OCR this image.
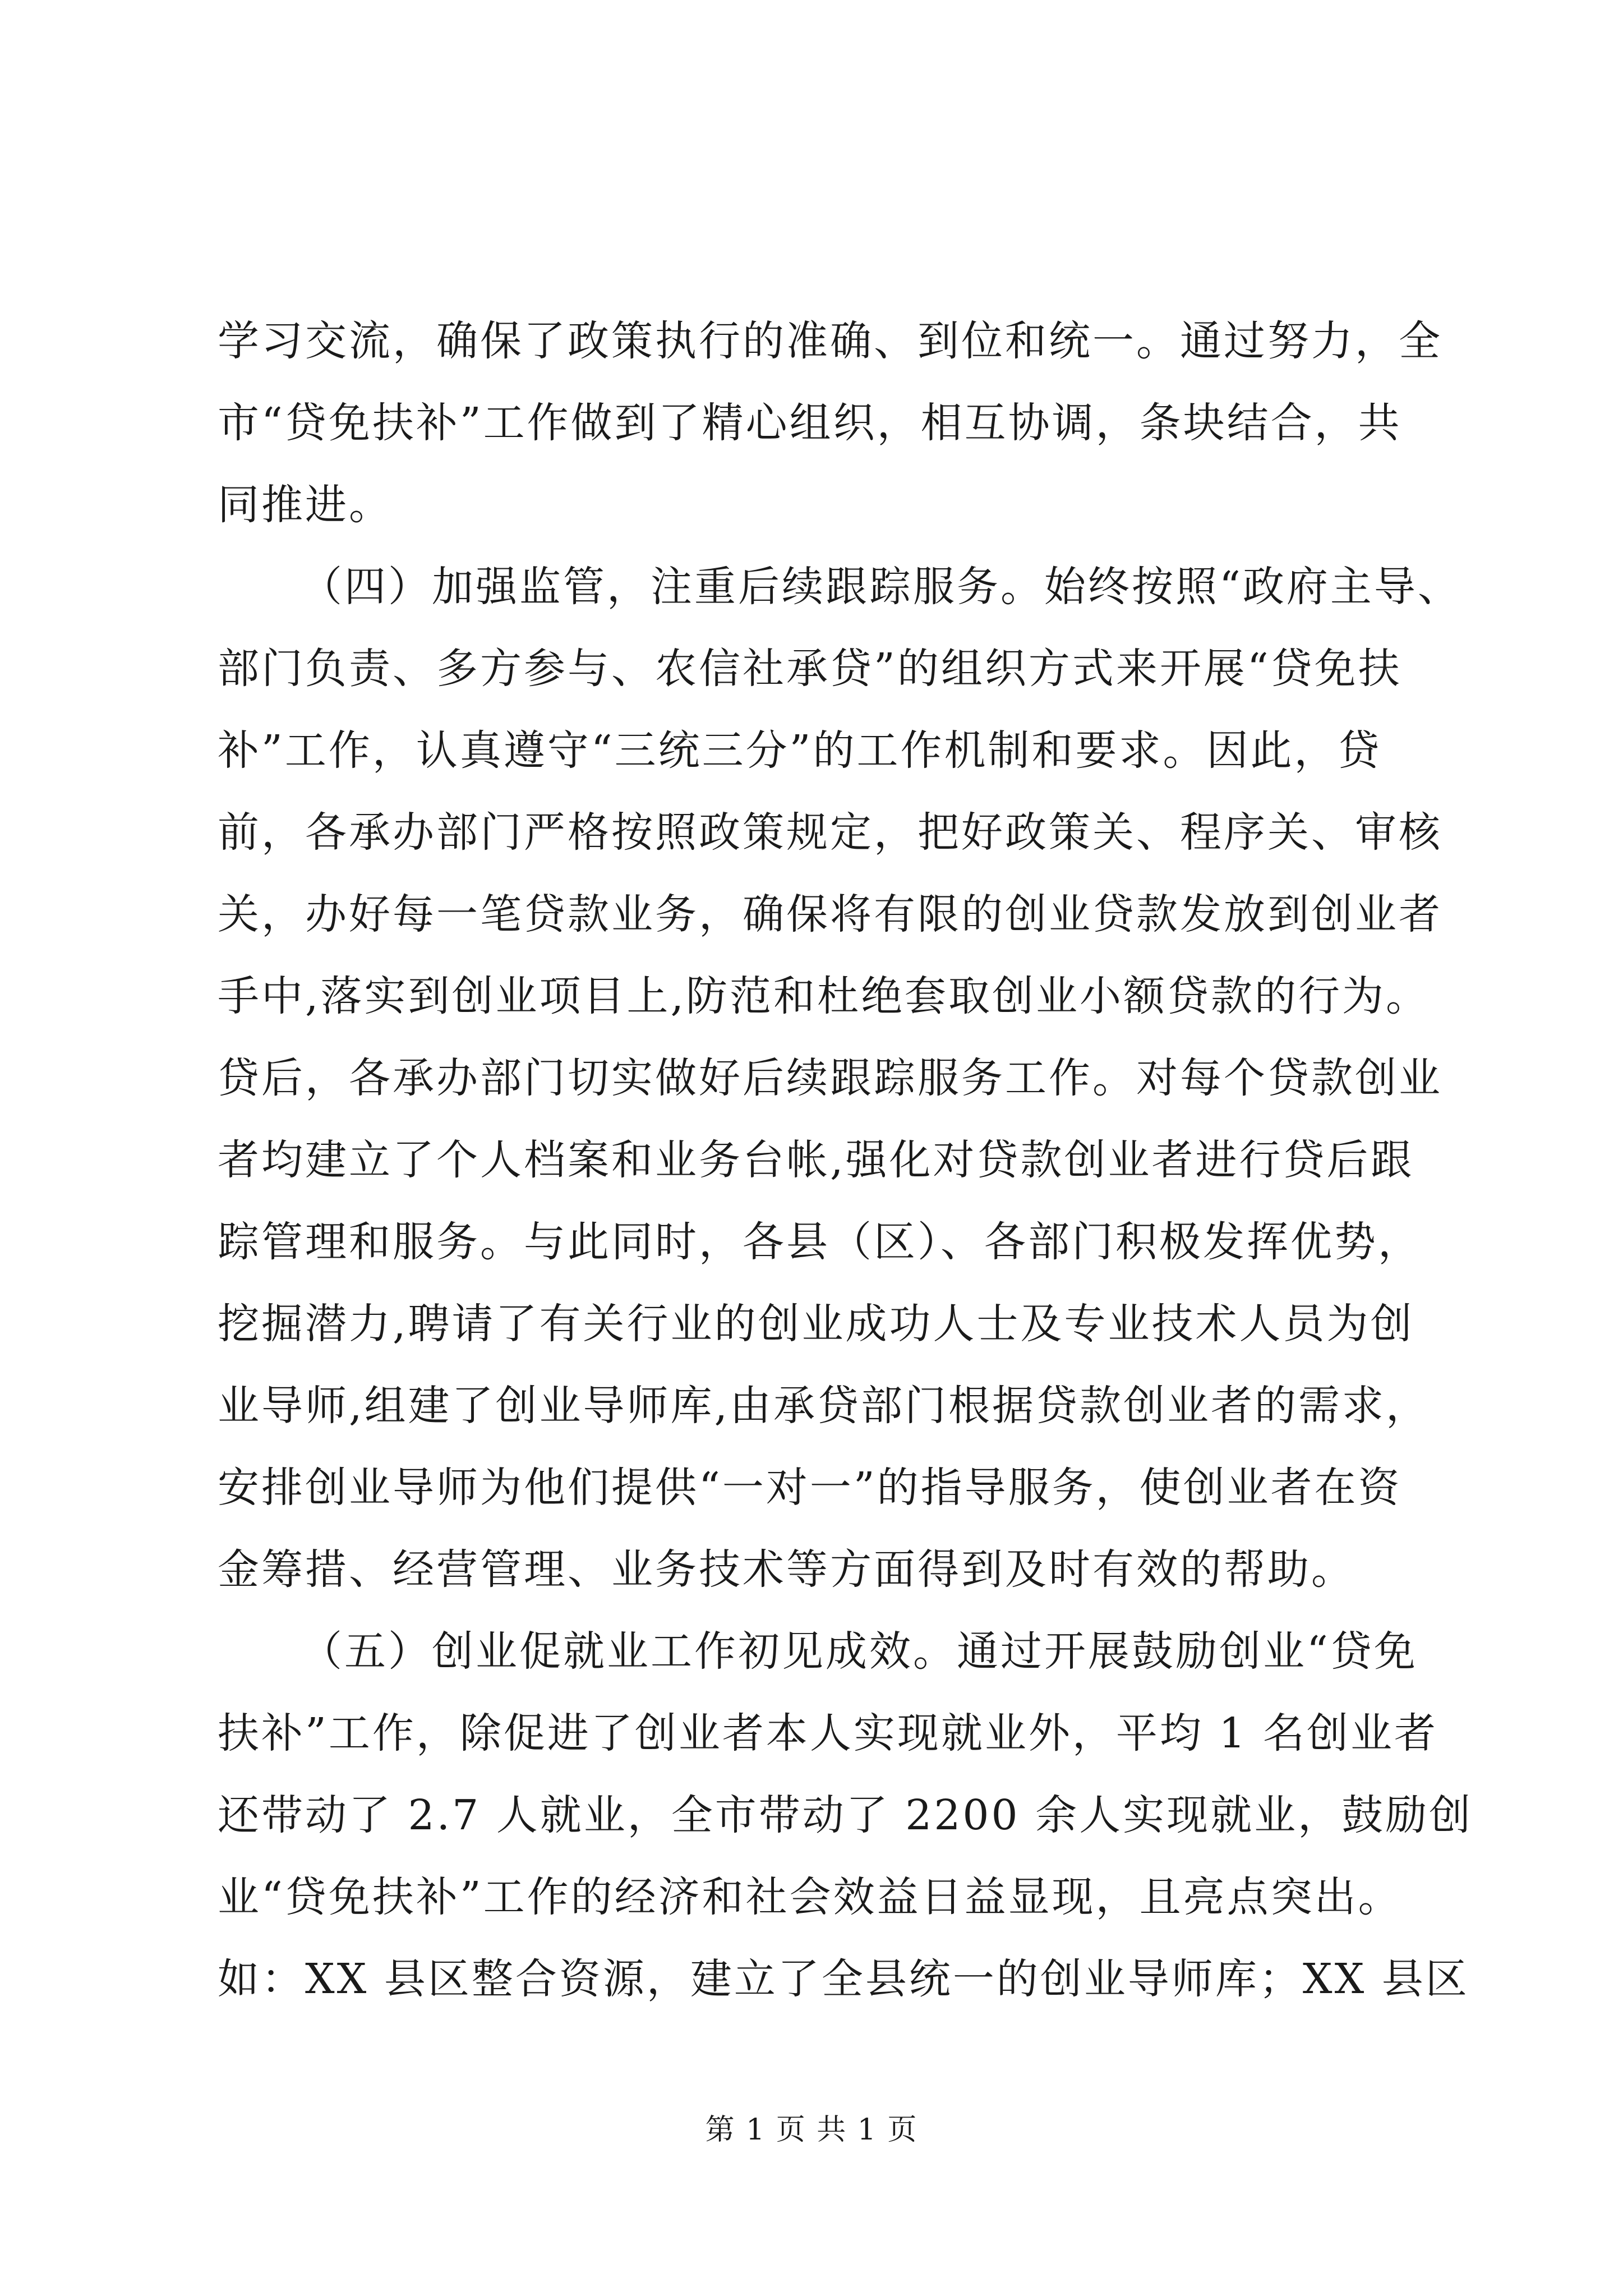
学习交流，确保了政策执行的准确、到位和统一。通过努力，全
市“贷免扶补”工作做到了精心组织，相互协调，条块结合，共
同推进。
（四）加强监管，注重后续跟踪服务。始终按照“政府主导、
部门负责、多方参与、农信社承贷”的组织方式来开展“贷免扶
补”工作，认真遵守“三统三分”的工作机制和要求。因此，贷
前，各承办部门严格按照政策规定，把好政策关、程序关、审核
关，办好每一笔贷款业务，确保将有限的创业贷款发放到创业者
手中,落实到创业项目上,防范和杜绝套取创业小额贷款的行为。
贷后，各承办部门切实做好后续跟踪服务工作。对每个贷款创业
者均建立了个人档案和业务台帐,强化对贷款创业者进行贷后跟
踪管理和服务。与此同时，各县（区）、各部门积极发挥优势，
挖掘潜力,聘请了有关行业的创业成功人士及专业技术人员为创
业导师,组建了创业导师库,由承贷部门根据贷款创业者的需求，
安排创业导师为他们提供“一对一”的指导服务，使创业者在资
金筹措、经营管理、业务技术等方面得到及时有效的帮助。
（五）创业促就业工作初见成效。通过开展鼓励创业“贷免
扶补”工作，除促进了创业者本人实现就业外，平均 1 名创业者
还带动了 2.7 人就业，全市带动了 2200 余人实现就业，鼓励创
业“贷免扶补”工作的经济和社会效益日益显现，且亮点突出。
如：XX 县区整合资源，建立了全县统一的创业导师库；XX 县区
第 1 页 共 1 页
